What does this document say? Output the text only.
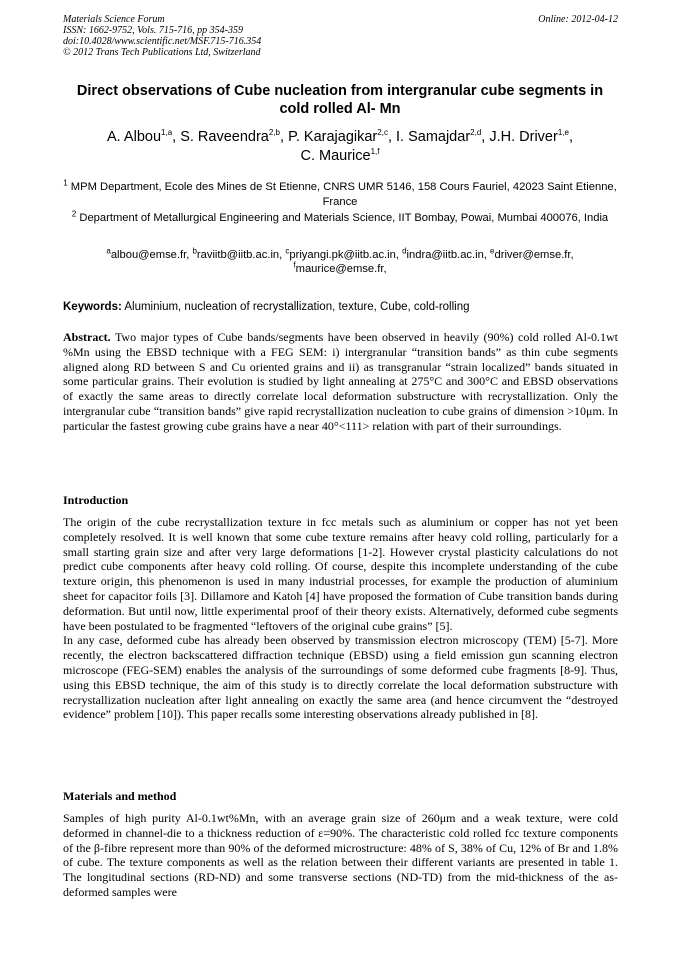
Materials Science Forum
ISSN: 1662-9752, Vols. 715-716, pp 354-359
doi:10.4028/www.scientific.net/MSF.715-716.354
© 2012 Trans Tech Publications Ltd, Switzerland
Online: 2012-04-12
Direct observations of Cube nucleation from intergranular cube segments in cold rolled Al- Mn
A. Albou$^{1,a}$, S. Raveendra$^{2,b}$, P. Karajagikar$^{2,c}$, I. Samajdar$^{2,d}$, J.H. Driver$^{1,e}$,
C. Maurice$^{1,f}$

$^1$ MPM Department, Ecole des Mines de St Etienne, CNRS UMR 5146, 158 Cours Fauriel, 42023 Saint Etienne, France

$^2$ Department of Metallurgical Engineering and Materials Science, IIT Bombay, Powai, Mumbai 400076, India

$^a$albou@emse.fr, $^b$raviitb@iitb.ac.in, $^c$priyangi.pk@iitb.ac.in, $^d$indra@iitb.ac.in, $^e$driver@emse.fr,
$^f$maurice@emse.fr,
Keywords: Aluminium, nucleation of recrystallization, texture, Cube, cold-rolling

Abstract. Two major types of Cube bands/segments have been observed in heavily (90%) cold rolled Al-0.1wt %Mn using the EBSD technique with a FEG SEM: i) intergranular “transition bands” as thin cube segments aligned along RD between S and Cu oriented grains and ii) as transgranular “strain localized” bands situated in some particular grains. Their evolution is studied by light annealing at 275°C and 300°C and EBSD observations of exactly the same areas to directly correlate local deformation substructure with recrystallization. Only the intergranular cube “transition bands” give rapid recrystallization nucleation to cube grains of dimension >10μm. In particular the fastest growing cube grains have a near 40°<111> relation with part of their surroundings.

Introduction

The origin of the cube recrystallization texture in fcc metals such as aluminium or copper has not yet been completely resolved. It is well known that some cube texture remains after heavy cold rolling, particularly for a small starting grain size and after very large deformations [1-2]. However crystal plasticity calculations do not predict cube components after heavy cold rolling. Of course, despite this incomplete understanding of the cube texture origin, this phenomenon is used in many industrial processes, for example the production of aluminium sheet for capacitor foils [3]. Dillamore and Katoh [4] have proposed the formation of Cube transition bands during deformation. But until now, little experimental proof of their theory exists. Alternatively, deformed cube segments have been postulated to be fragmented “leftovers of the original cube grains” [5].

In any case, deformed cube has already been observed by transmission electron microscopy (TEM) [5-7]. More recently, the electron backscattered diffraction technique (EBSD) using a field emission gun scanning electron microscope (FEG-SEM) enables the analysis of the surroundings of some deformed cube fragments [8-9]. Thus, using this EBSD technique, the aim of this study is to directly correlate the local deformation substructure with recrystallization nucleation after light annealing on exactly the same area (and hence circumvent the “destroyed evidence” problem [10]). This paper recalls some interesting observations already published in [8].

Materials and method

Samples of high purity Al-0.1wt%Mn, with an average grain size of 260μm and a weak texture, were cold deformed in channel-die to a thickness reduction of ε=90%. The characteristic cold rolled fcc texture components of the β-fibre represent more than 90% of the deformed microstructure: 48% of S, 38% of Cu, 12% of Br and 1.8% of cube. The texture components as well as the relation between their different variants are presented in table 1. The longitudinal sections (RD-ND) and some transverse sections (ND-TD) from the mid-thickness of the as-deformed samples were
